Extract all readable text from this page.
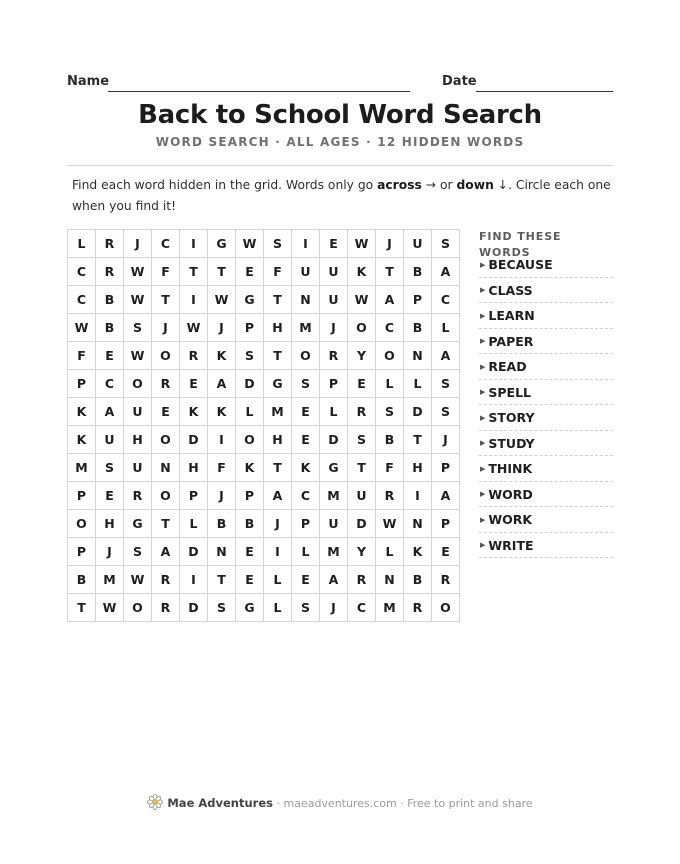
Name	Date
Back to School Word Search
WORD SEARCH · ALL AGES · 12 HIDDEN WORDS
Find each word hidden in the grid. Words only go across → or down ↓. Circle each one when you find it!
L	R	J	C	I	G	W	S	I	E	W	J	U	S
C	R	W	F	T	T	E	F	U	U	K	T	B	A
C	B	W	T	I	W	G	T	N	U	W	A	P	C
W	B	S	J	W	J	P	H	M	J	O	C	B	L
F	E	W	O	R	K	S	T	O	R	Y	O	N	A
P	C	O	R	E	A	D	G	S	P	E	L	L	S
K	A	U	E	K	K	L	M	E	L	R	S	D	S
K	U	H	O	D	I	O	H	E	D	S	B	T	J
M	S	U	N	H	F	K	T	K	G	T	F	H	P
P	E	R	O	P	J	P	A	C	M	U	R	I	A
O	H	G	T	L	B	B	J	P	U	D	W	N	P
P	J	S	A	D	N	E	I	L	M	Y	L	K	E
B	M	W	R	I	T	E	L	E	A	R	N	B	R
T	W	O	R	D	S	G	L	S	J	C	M	R	O
FIND THESE WORDS
▶ BECAUSE
▶ CLASS
▶ LEARN
▶ PAPER
▶ READ
▶ SPELL
▶ STORY
▶ STUDY
▶ THINK
▶ WORD
▶ WORK
▶ WRITE
Mae Adventures · maeadventures.com · Free to print and share
